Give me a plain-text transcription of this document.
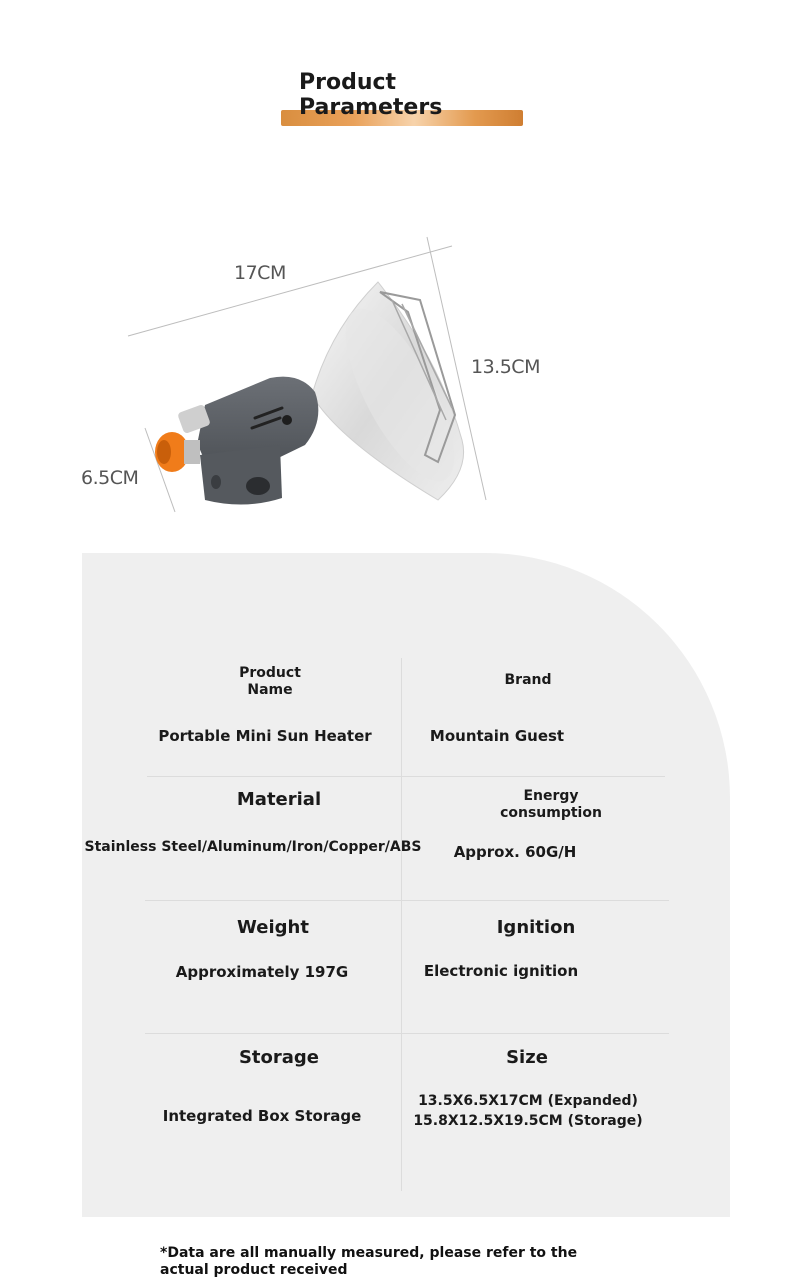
Product
Parameters
17CM
13.5CM
6.5CM
Product
Name
Portable Mini Sun Heater
Brand
Mountain Guest
Material
Stainless Steel/Aluminum/Iron/Copper/ABS
Energy
consumption
Approx. 60G/H
Weight
Approximately 197G
Ignition
Electronic ignition
Storage
Integrated Box Storage
Size
13.5X6.5X17CM (Expanded)
15.8X12.5X19.5CM (Storage)
*Data are all manually measured, please refer to the
actual product received
